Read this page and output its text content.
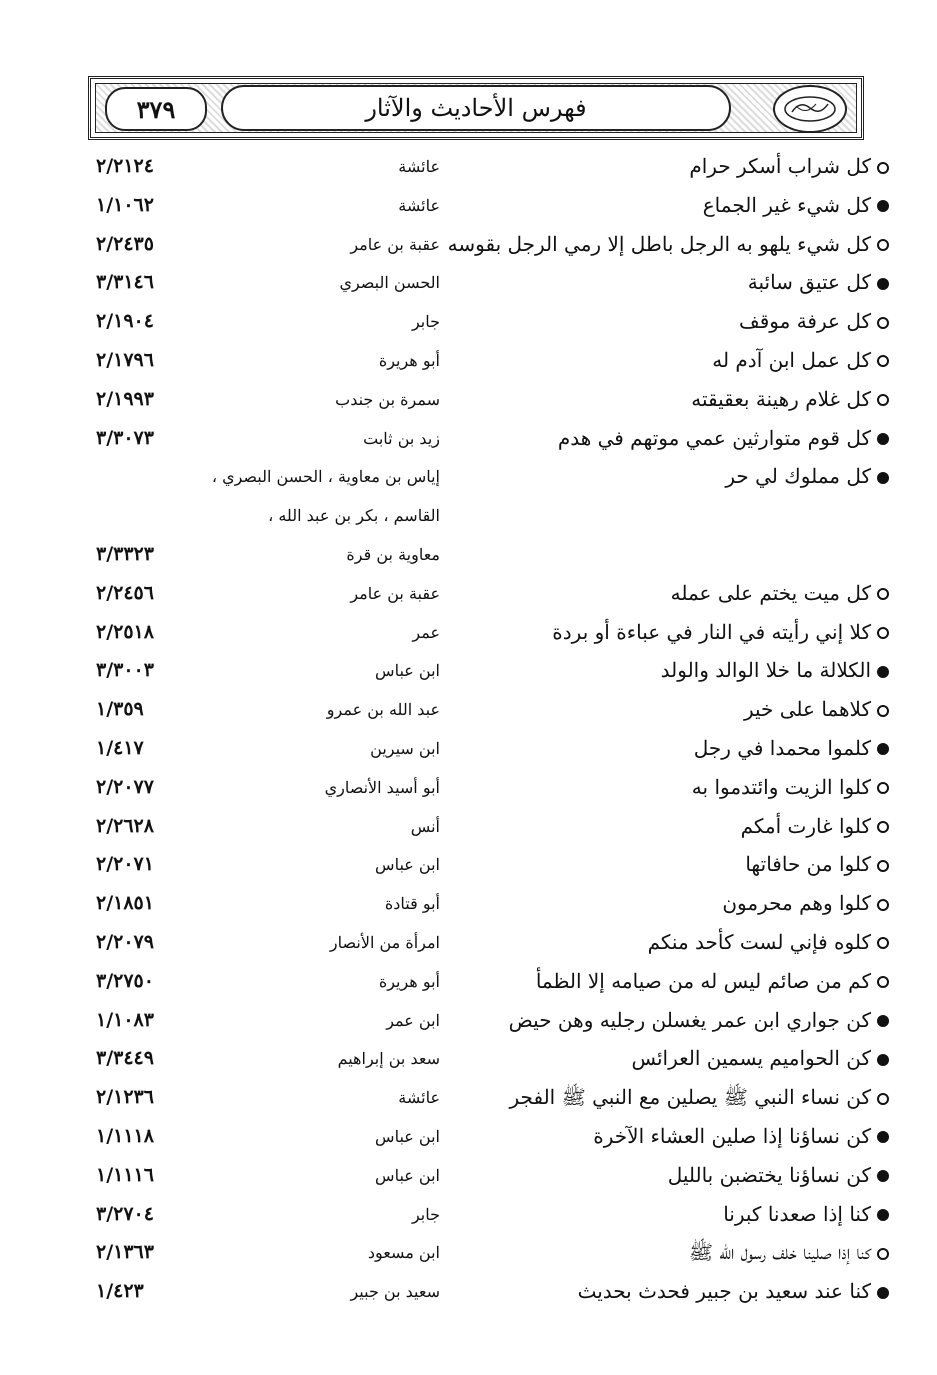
٣٧٩	فهرس الأحاديث والآثار
كل شراب أسكر حرام
عائشة
٢/٢١٢٤
كل شيء غير الجماع
عائشة
١/١٠٦٢
كل شيء يلهو به الرجل باطل إلا رمي الرجل بقوسه
عقبة بن عامر
٢/٢٤٣٥
كل عتيق سائبة
الحسن البصري
٣/٣١٤٦
كل عرفة موقف
جابر
٢/١٩٠٤
كل عمل ابن آدم له
أبو هريرة
٢/١٧٩٦
كل غلام رهينة بعقيقته
سمرة بن جندب
٢/١٩٩٣
كل قوم متوارثين عمي موتهم في هدم
زيد بن ثابت
٣/٣٠٧٣
كل مملوك لي حر
إياس بن معاوية ، الحسن البصري ،
القاسم ، بكر بن عبد الله ،
معاوية بن قرة
٣/٣٣٢٣
كل ميت يختم على عمله
عقبة بن عامر
٢/٢٤٥٦
كلا إني رأيته في النار في عباءة أو بردة
عمر
٢/٢٥١٨
الكلالة ما خلا الوالد والولد
ابن عباس
٣/٣٠٠٣
كلاهما على خير
عبد الله بن عمرو
١/٣٥٩
كلموا محمدا في رجل
ابن سيرين
١/٤١٧
كلوا الزيت وائتدموا به
أبو أسيد الأنصاري
٢/٢٠٧٧
كلوا غارت أمكم
أنس
٢/٢٦٢٨
كلوا من حافاتها
ابن عباس
٢/٢٠٧١
كلوا وهم محرمون
أبو قتادة
٢/١٨٥١
كلوه فإني لست كأحد منكم
امرأة من الأنصار
٢/٢٠٧٩
كم من صائم ليس له من صيامه إلا الظمأ
أبو هريرة
٣/٢٧٥٠
كن جواري ابن عمر يغسلن رجليه وهن حيض
ابن عمر
١/١٠٨٣
كن الحواميم يسمين العرائس
سعد بن إبراهيم
٣/٣٤٤٩
كن نساء النبي ﷺ يصلين مع النبي ﷺ الفجر
عائشة
٢/١٢٣٦
كن نساؤنا إذا صلين العشاء الآخرة
ابن عباس
١/١١١٨
كن نساؤنا يختضبن بالليل
ابن عباس
١/١١١٦
كنا إذا صعدنا كبرنا
جابر
٣/٢٧٠٤
كنا إذا صلينا خلف رسول الله ﷺ
ابن مسعود
٢/١٣٦٣
كنا عند سعيد بن جبير فحدث بحديث
سعيد بن جبير
١/٤٢٣
